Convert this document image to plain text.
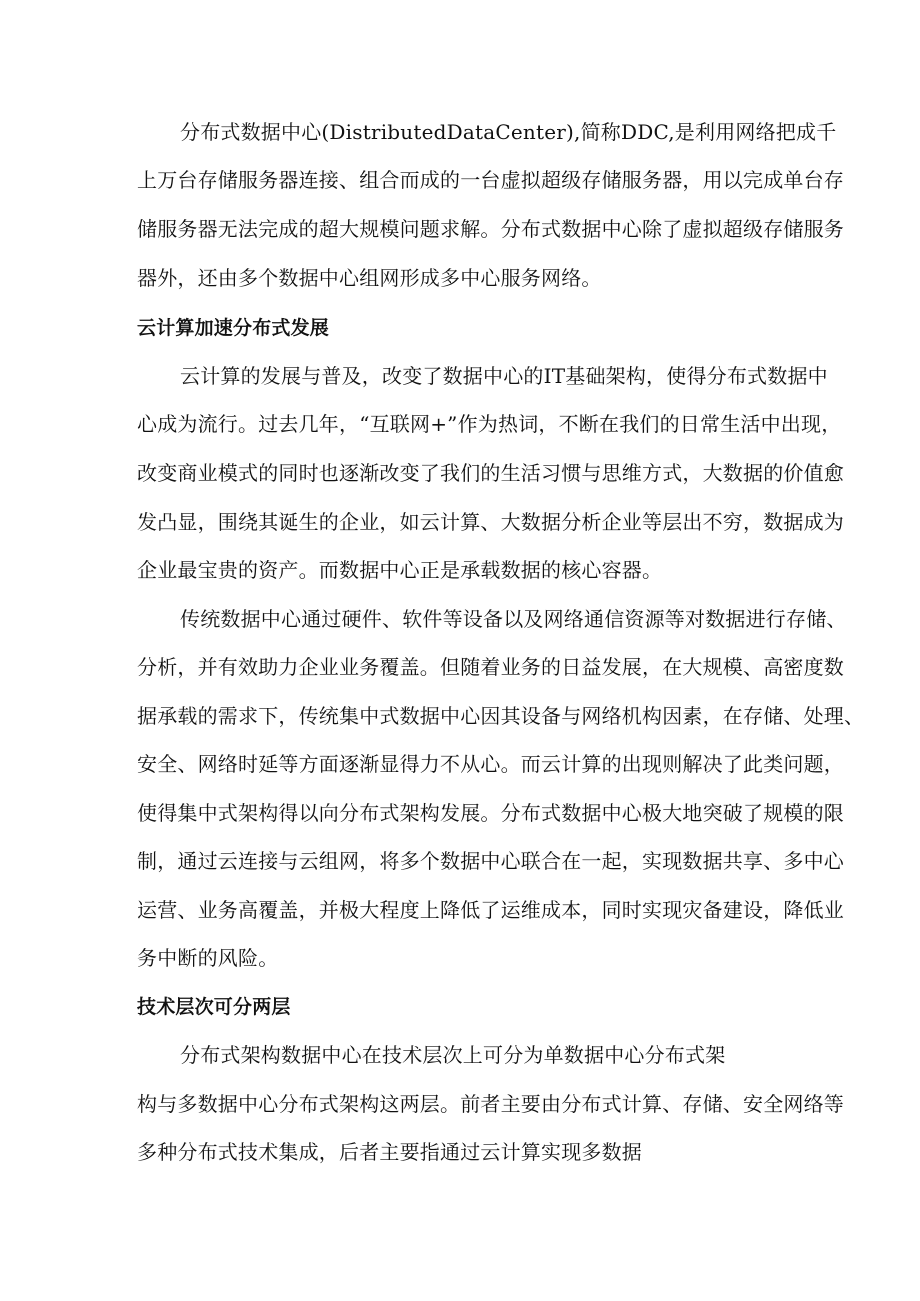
分布式数据中心(DistributedDataCenter),简称DDC,是利用网络把成千
上万台存储服务器连接、组合而成的一台虚拟超级存储服务器，用以完成单台存
储服务器无法完成的超大规模问题求解。分布式数据中心除了虚拟超级存储服务
器外，还由多个数据中心组网形成多中心服务网络。
云计算加速分布式发展
云计算的发展与普及，改变了数据中心的IT基础架构，使得分布式数据中
心成为流行。过去几年，“互联网+”作为热词，不断在我们的日常生活中出现，
改变商业模式的同时也逐渐改变了我们的生活习惯与思维方式，大数据的价值愈
发凸显，围绕其诞生的企业，如云计算、大数据分析企业等层出不穷，数据成为
企业最宝贵的资产。而数据中心正是承载数据的核心容器。
传统数据中心通过硬件、软件等设备以及网络通信资源等对数据进行存储、
分析，并有效助力企业业务覆盖。但随着业务的日益发展，在大规模、高密度数
据承载的需求下，传统集中式数据中心因其设备与网络机构因素，在存储、处理、
安全、网络时延等方面逐渐显得力不从心。而云计算的出现则解决了此类问题，
使得集中式架构得以向分布式架构发展。分布式数据中心极大地突破了规模的限
制，通过云连接与云组网，将多个数据中心联合在一起，实现数据共享、多中心
运营、业务高覆盖，并极大程度上降低了运维成本，同时实现灾备建设，降低业
务中断的风险。
技术层次可分两层
分布式架构数据中心在技术层次上可分为单数据中心分布式架
构与多数据中心分布式架构这两层。前者主要由分布式计算、存储、安全网络等
多种分布式技术集成，后者主要指通过云计算实现多数据
